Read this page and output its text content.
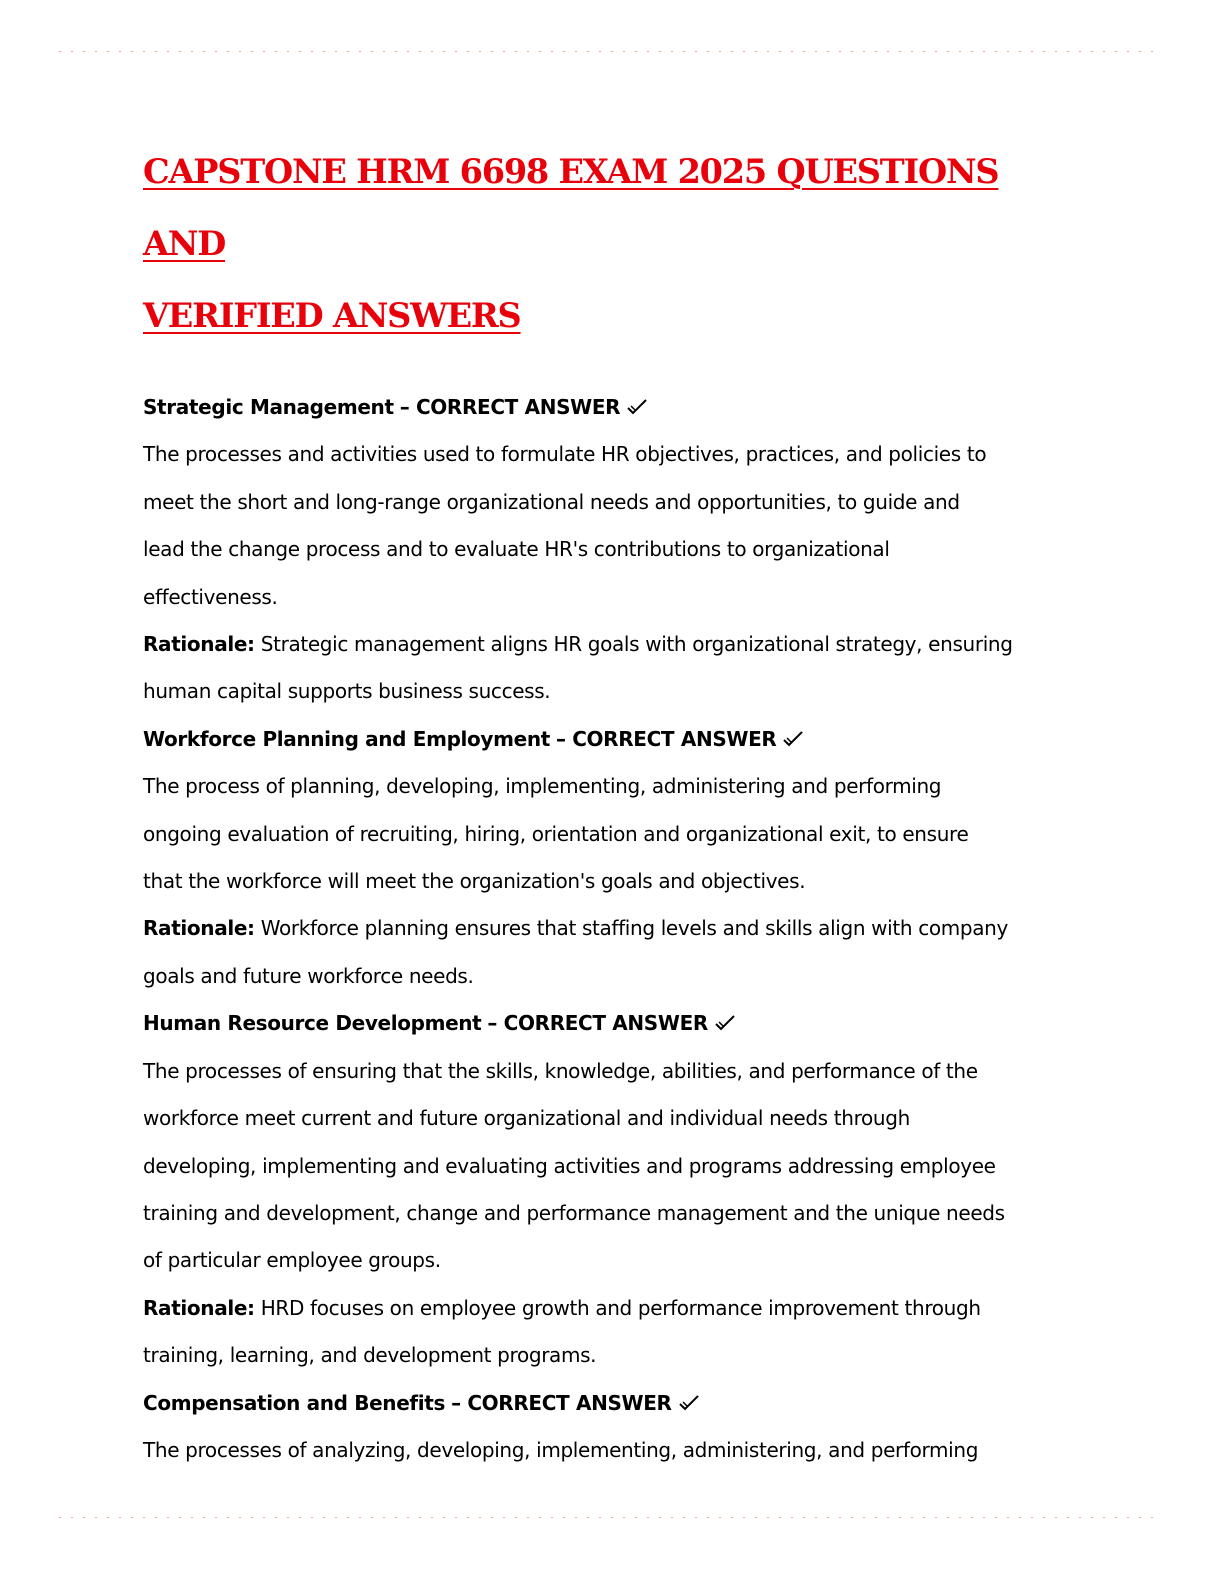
CAPSTONE HRM 6698 EXAM 2025 QUESTIONS AND
VERIFIED ANSWERS
Strategic Management – CORRECT ANSWER
The processes and activities used to formulate HR objectives, practices, and policies to
meet the short and long-range organizational needs and opportunities, to guide and
lead the change process and to evaluate HR's contributions to organizational
effectiveness.
Rationale: Strategic management aligns HR goals with organizational strategy, ensuring
human capital supports business success.
Workforce Planning and Employment – CORRECT ANSWER
The process of planning, developing, implementing, administering and performing
ongoing evaluation of recruiting, hiring, orientation and organizational exit, to ensure
that the workforce will meet the organization's goals and objectives.
Rationale: Workforce planning ensures that staffing levels and skills align with company
goals and future workforce needs.
Human Resource Development – CORRECT ANSWER
The processes of ensuring that the skills, knowledge, abilities, and performance of the
workforce meet current and future organizational and individual needs through
developing, implementing and evaluating activities and programs addressing employee
training and development, change and performance management and the unique needs
of particular employee groups.
Rationale: HRD focuses on employee growth and performance improvement through
training, learning, and development programs.
Compensation and Benefits – CORRECT ANSWER
The processes of analyzing, developing, implementing, administering, and performing
